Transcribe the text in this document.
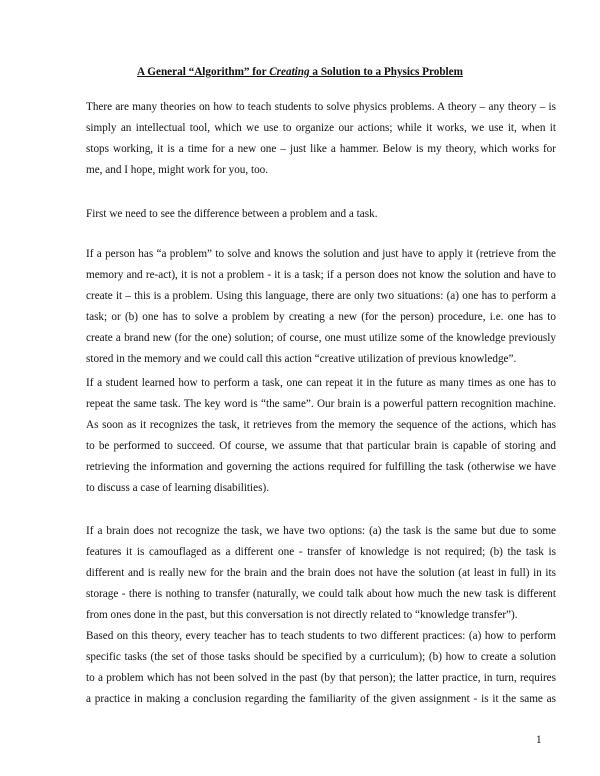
A General “Algorithm” for Creating a Solution to a Physics Problem

There are many theories on how to teach students to solve physics problems. A theory – any theory – is
simply an intellectual tool, which we use to organize our actions; while it works, we use it, when it
stops working, it is a time for a new one – just like a hammer. Below is my theory, which works for
me, and I hope, might work for you, too.

First we need to see the difference between a problem and a task.

If a person has “a problem” to solve and knows the solution and just have to apply it (retrieve from the
memory and re-act), it is not a problem - it is a task; if a person does not know the solution and have to
create it – this is a problem. Using this language, there are only two situations: (a) one has to perform a
task; or (b) one has to solve a problem by creating a new (for the person) procedure, i.e. one has to
create a brand new (for the one) solution; of course, one must utilize some of the knowledge previously
stored in the memory and we could call this action “creative utilization of previous knowledge”.

If a student learned how to perform a task, one can repeat it in the future as many times as one has to
repeat the same task. The key word is “the same”. Our brain is a powerful pattern recognition machine.
As soon as it recognizes the task, it retrieves from the memory the sequence of the actions, which has
to be performed to succeed. Of course, we assume that that particular brain is capable of storing and
retrieving the information and governing the actions required for fulfilling the task (otherwise we have
to discuss a case of learning disabilities).

If a brain does not recognize the task, we have two options: (a) the task is the same but due to some
features it is camouflaged as a different one - transfer of knowledge is not required; (b) the task is
different and is really new for the brain and the brain does not have the solution (at least in full) in its
storage - there is nothing to transfer (naturally, we could talk about how much the new task is different
from ones done in the past, but this conversation is not directly related to “knowledge transfer”).
Based on this theory, every teacher has to teach students to two different practices: (a) how to perform
specific tasks (the set of those tasks should be specified by a curriculum); (b) how to create a solution
to a problem which has not been solved in the past (by that person); the latter practice, in turn, requires
a practice in making a conclusion regarding the familiarity of the given assignment - is it the same as

1
